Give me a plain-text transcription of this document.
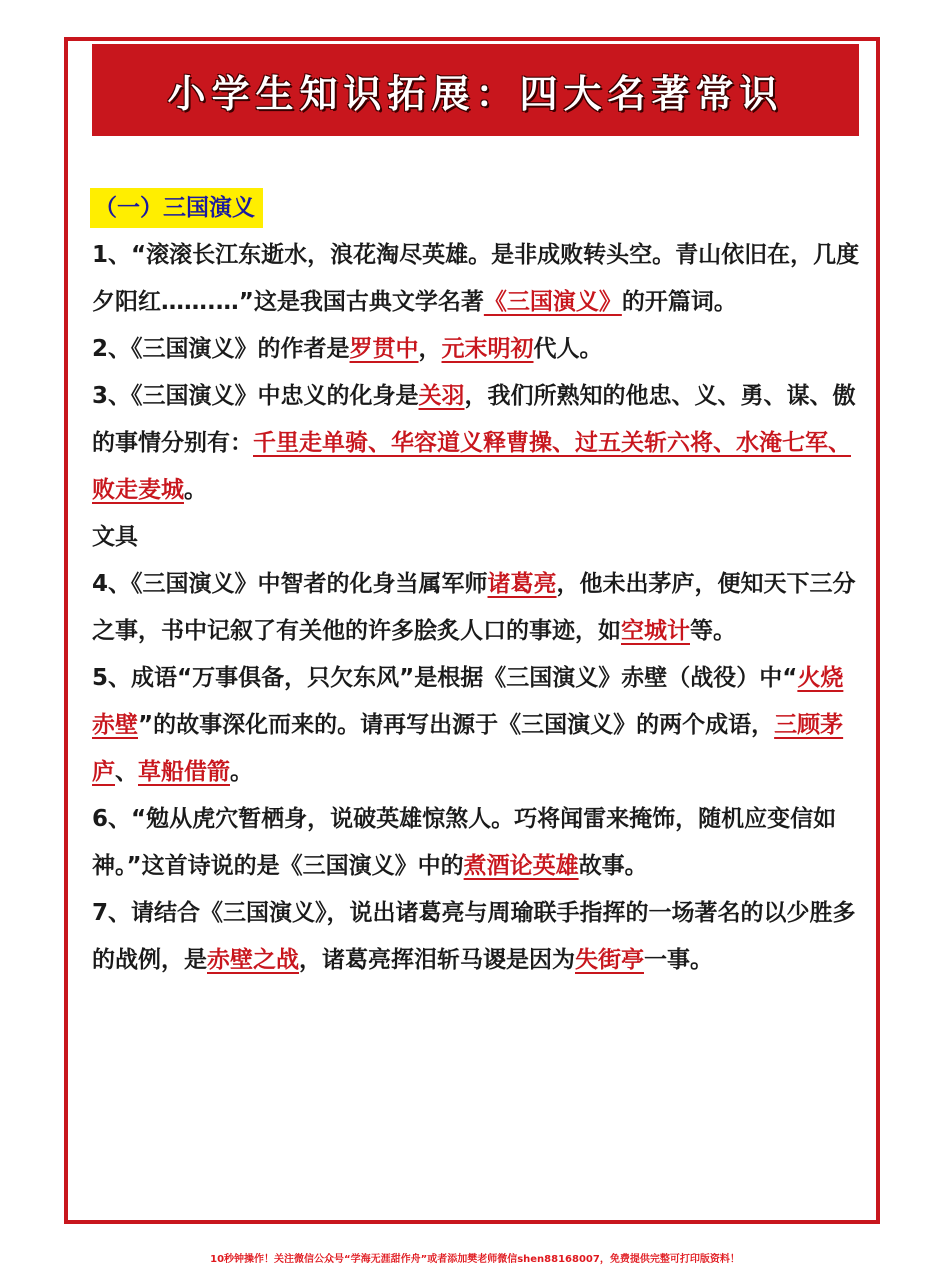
小学生知识拓展：四大名著常识
（一）三国演义

1、“滚滚长江东逝水，浪花淘尽英雄。是非成败转头空。青山依旧在，几度夕阳红…….…”这是我国古典文学名著《三国演义》的开篇词。

2、《三国演义》的作者是罗贯中，元末明初代人。

3、《三国演义》中忠义的化身是关羽，我们所熟知的他忠、义、勇、谋、傲的事情分别有：千里走单骑、华容道义释曹操、过五关斩六将、水淹七军、败走麦城。

文具

4、《三国演义》中智者的化身当属军师诸葛亮，他未出茅庐，便知天下三分之事，书中记叙了有关他的许多脍炙人口的事迹，如空城计等。

5、成语“万事俱备，只欠东风”是根据《三国演义》赤壁（战役）中“火烧赤壁”的故事深化而来的。请再写出源于《三国演义》的两个成语，三顾茅庐、草船借箭。

6、“勉从虎穴暂栖身，说破英雄惊煞人。巧将闻雷来掩饰，随机应变信如神。”这首诗说的是《三国演义》中的煮酒论英雄故事。

7、请结合《三国演义》，说出诸葛亮与周瑜联手指挥的一场著名的以少胜多的战例，是赤壁之战，诸葛亮挥泪斩马谡是因为失街亭一事。

10秒钟操作！关注微信公众号“学海无涯甜作舟”或者添加樊老师微信shen88168007，免费提供完整可打印版资料！
